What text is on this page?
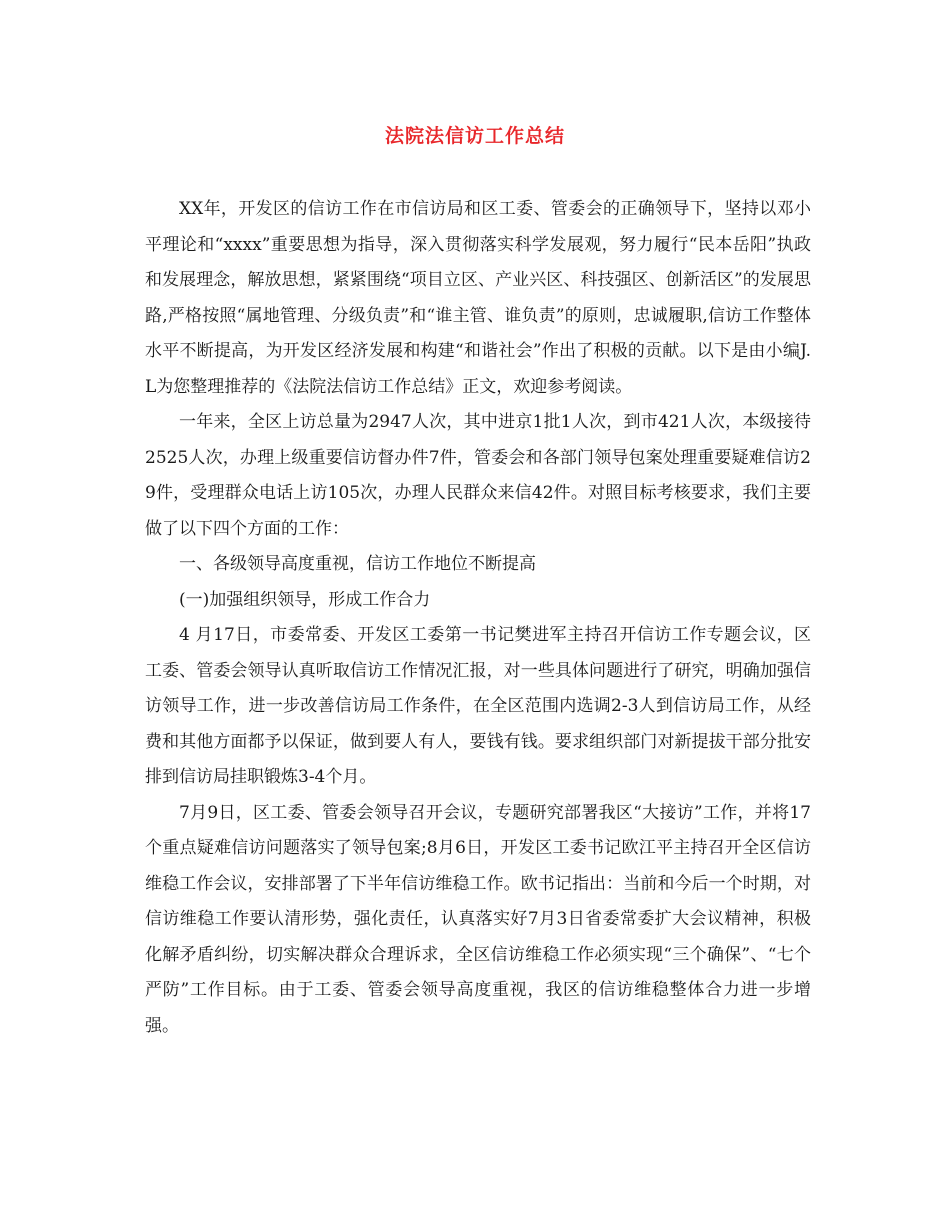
法院法信访工作总结

XX年，开发区的信访工作在市信访局和区工委、管委会的正确领导下，坚持以邓小平理论和“xxxx”重要思想为指导，深入贯彻落实科学发展观，努力履行“民本岳阳”执政和发展理念，解放思想，紧紧围绕“项目立区、产业兴区、科技强区、创新活区”的发展思路,严格按照“属地管理、分级负责”和“谁主管、谁负责”的原则，忠诚履职,信访工作整体水平不断提高，为开发区经济发展和构建“和谐社会”作出了积极的贡献。以下是由小编J.L为您整理推荐的《法院法信访工作总结》正文，欢迎参考阅读。

一年来，全区上访总量为2947人次，其中进京1批1人次，到市421人次，本级接待 2525人次，办理上级重要信访督办件7件，管委会和各部门领导包案处理重要疑难信访29件，受理群众电话上访105次，办理人民群众来信42件。对照目标考核要求，我们主要做了以下四个方面的工作：

一、各级领导高度重视，信访工作地位不断提高

(一)加强组织领导，形成工作合力

4 月17日，市委常委、开发区工委第一书记樊进军主持召开信访工作专题会议，区工委、管委会领导认真听取信访工作情况汇报，对一些具体问题进行了研究，明确加强信访领导工作，进一步改善信访局工作条件，在全区范围内选调2-3人到信访局工作，从经费和其他方面都予以保证，做到要人有人，要钱有钱。要求组织部门对新提拔干部分批安排到信访局挂职锻炼3-4个月。

7月9日，区工委、管委会领导召开会议，专题研究部署我区“大接访”工作，并将17个重点疑难信访问题落实了领导包案;8月6日，开发区工委书记欧江平主持召开全区信访维稳工作会议，安排部署了下半年信访维稳工作。欧书记指出：当前和今后一个时期，对信访维稳工作要认清形势，强化责任，认真落实好7月3日省委常委扩大会议精神，积极化解矛盾纠纷，切实解决群众合理诉求，全区信访维稳工作必须实现“三个确保”、“七个严防”工作目标。由于工委、管委会领导高度重视，我区的信访维稳整体合力进一步增强。
